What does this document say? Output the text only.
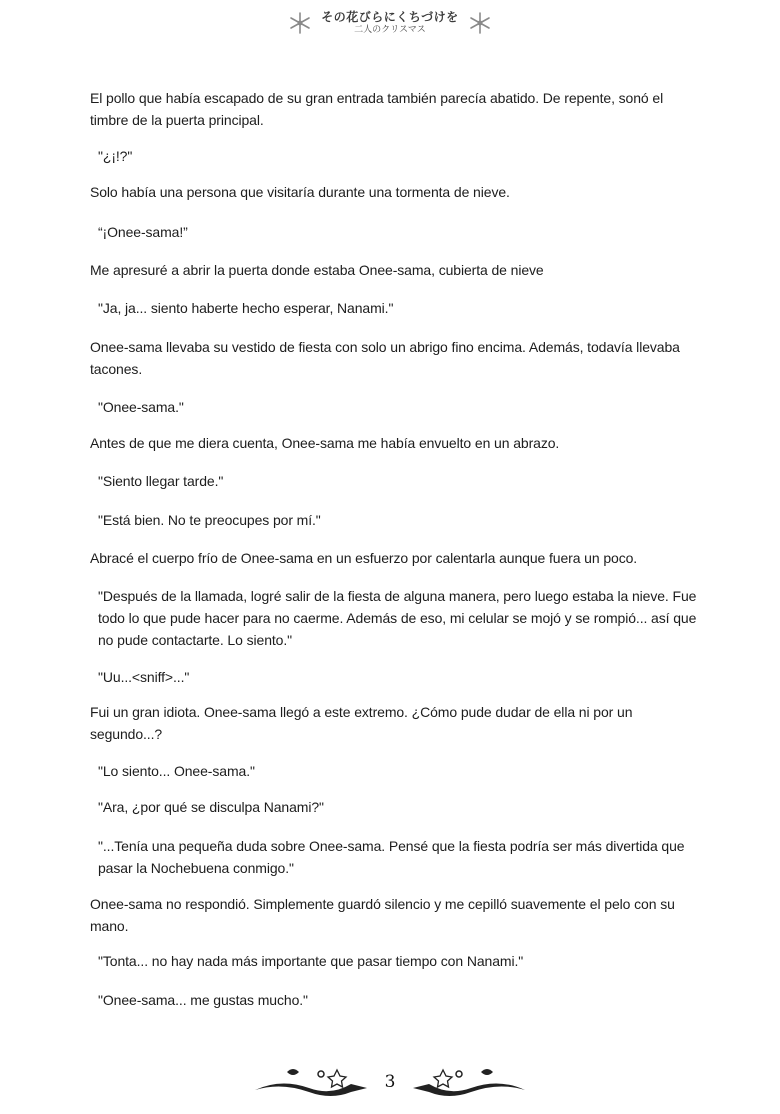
その花びらにくちづけを
二人のクリスマス

El pollo que había escapado de su gran entrada también parecía abatido. De repente, sonó el timbre de la puerta principal.

"¿¡!?"

Solo había una persona que visitaría durante una tormenta de nieve.

“¡Onee-sama!”

Me apresuré a abrir la puerta donde estaba Onee-sama, cubierta de nieve

"Ja, ja... siento haberte hecho esperar, Nanami."

Onee-sama llevaba su vestido de fiesta con solo un abrigo fino encima. Además, todavía llevaba tacones.

"Onee-sama."

Antes de que me diera cuenta, Onee-sama me había envuelto en un abrazo.

"Siento llegar tarde."

"Está bien. No te preocupes por mí."

Abracé el cuerpo frío de Onee-sama en un esfuerzo por calentarla aunque fuera un poco.

"Después de la llamada, logré salir de la fiesta de alguna manera, pero luego estaba la nieve. Fue todo lo que pude hacer para no caerme. Además de eso, mi celular se mojó y se rompió... así que no pude contactarte. Lo siento."

"Uu...<sniff>..."

Fui un gran idiota. Onee-sama llegó a este extremo. ¿Cómo pude dudar de ella ni por un segundo...?

"Lo siento... Onee-sama."

"Ara, ¿por qué se disculpa Nanami?"

"...Tenía una pequeña duda sobre Onee-sama. Pensé que la fiesta podría ser más divertida que pasar la Nochebuena conmigo."

Onee-sama no respondió. Simplemente guardó silencio y me cepilló suavemente el pelo con su mano.

"Tonta... no hay nada más importante que pasar tiempo con Nanami."

"Onee-sama... me gustas mucho."

3
